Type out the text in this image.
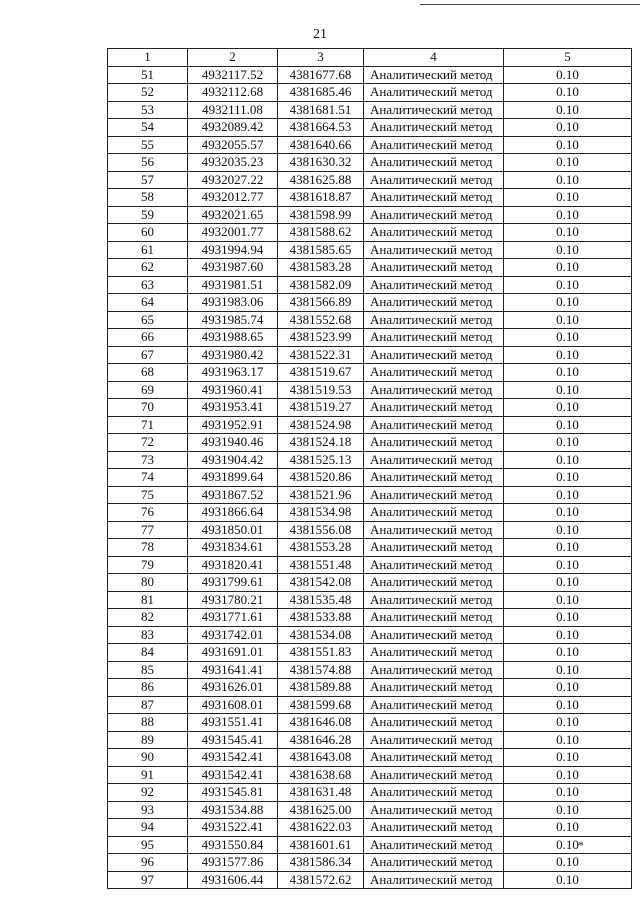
21
1	2	3	4	5
51	4932117.52	4381677.68	Аналитический метод	0.10
52	4932112.68	4381685.46	Аналитический метод	0.10
53	4932111.08	4381681.51	Аналитический метод	0.10
54	4932089.42	4381664.53	Аналитический метод	0.10
55	4932055.57	4381640.66	Аналитический метод	0.10
56	4932035.23	4381630.32	Аналитический метод	0.10
57	4932027.22	4381625.88	Аналитический метод	0.10
58	4932012.77	4381618.87	Аналитический метод	0.10
59	4932021.65	4381598.99	Аналитический метод	0.10
60	4932001.77	4381588.62	Аналитический метод	0.10
61	4931994.94	4381585.65	Аналитический метод	0.10
62	4931987.60	4381583.28	Аналитический метод	0.10
63	4931981.51	4381582.09	Аналитический метод	0.10
64	4931983.06	4381566.89	Аналитический метод	0.10
65	4931985.74	4381552.68	Аналитический метод	0.10
66	4931988.65	4381523.99	Аналитический метод	0.10
67	4931980.42	4381522.31	Аналитический метод	0.10
68	4931963.17	4381519.67	Аналитический метод	0.10
69	4931960.41	4381519.53	Аналитический метод	0.10
70	4931953.41	4381519.27	Аналитический метод	0.10
71	4931952.91	4381524.98	Аналитический метод	0.10
72	4931940.46	4381524.18	Аналитический метод	0.10
73	4931904.42	4381525.13	Аналитический метод	0.10
74	4931899.64	4381520.86	Аналитический метод	0.10
75	4931867.52	4381521.96	Аналитический метод	0.10
76	4931866.64	4381534.98	Аналитический метод	0.10
77	4931850.01	4381556.08	Аналитический метод	0.10
78	4931834.61	4381553.28	Аналитический метод	0.10
79	4931820.41	4381551.48	Аналитический метод	0.10
80	4931799.61	4381542.08	Аналитический метод	0.10
81	4931780.21	4381535.48	Аналитический метод	0.10
82	4931771.61	4381533.88	Аналитический метод	0.10
83	4931742.01	4381534.08	Аналитический метод	0.10
84	4931691.01	4381551.83	Аналитический метод	0.10
85	4931641.41	4381574.88	Аналитический метод	0.10
86	4931626.01	4381589.88	Аналитический метод	0.10
87	4931608.01	4381599.68	Аналитический метод	0.10
88	4931551.41	4381646.08	Аналитический метод	0.10
89	4931545.41	4381646.28	Аналитический метод	0.10
90	4931542.41	4381643.08	Аналитический метод	0.10
91	4931542.41	4381638.68	Аналитический метод	0.10
92	4931545.81	4381631.48	Аналитический метод	0.10
93	4931534.88	4381625.00	Аналитический метод	0.10
94	4931522.41	4381622.03	Аналитический метод	0.10
95	4931550.84	4381601.61	Аналитический метод	0.10
96	4931577.86	4381586.34	Аналитический метод	0.10
97	4931606.44	4381572.62	Аналитический метод	0.10
*
